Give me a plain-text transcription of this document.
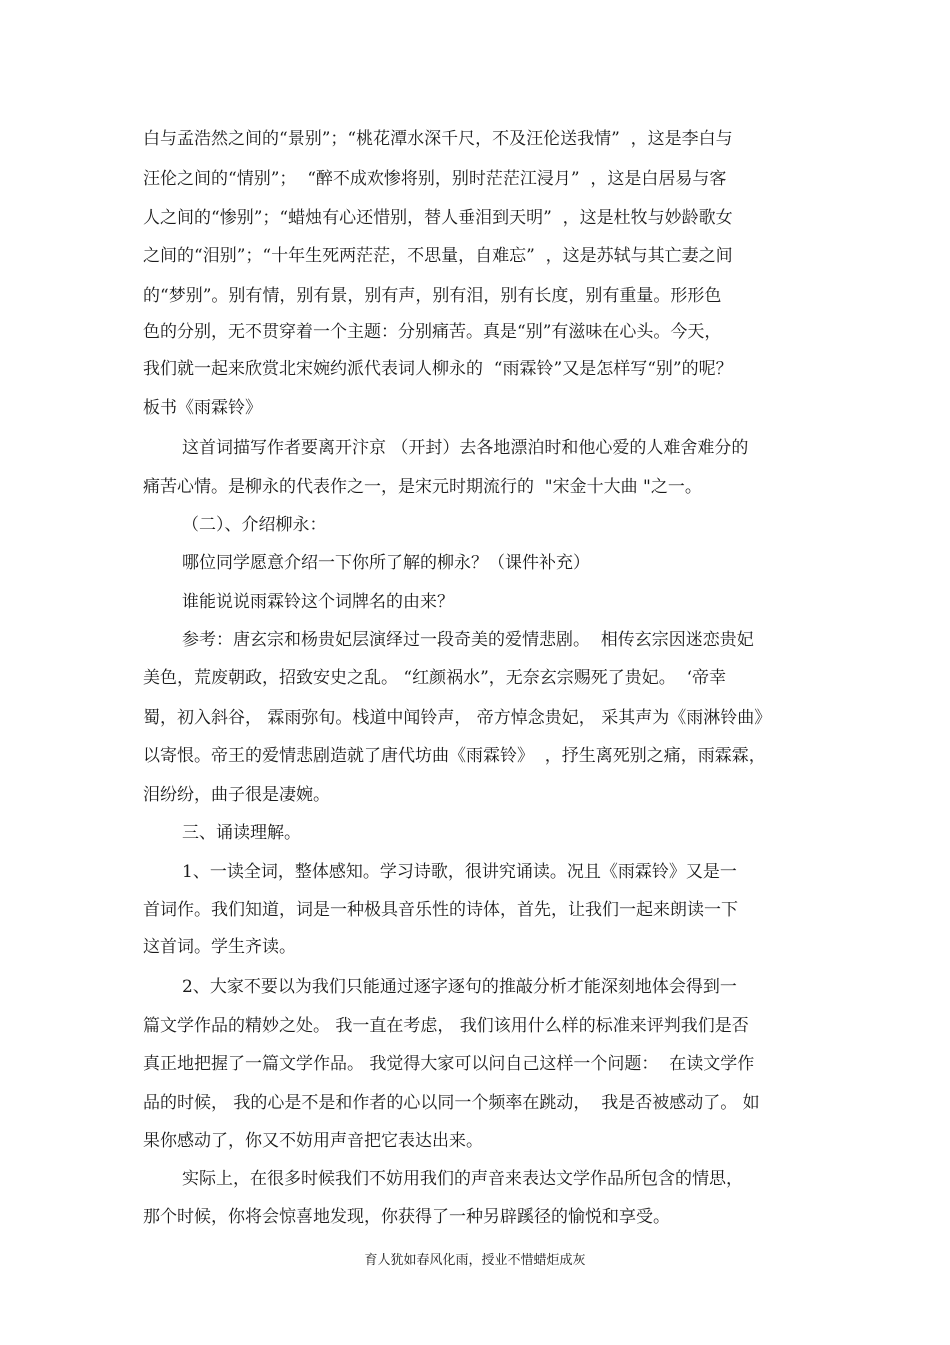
白与孟浩然之间的“景别”；“桃花潭水深千尺，不及汪伦送我情”  ，这是李白与

汪伦之间的“情别”；  “醉不成欢惨将别，别时茫茫江浸月”  ，这是白居易与客

人之间的“惨别”；“蜡烛有心还惜别，替人垂泪到天明”  ，这是杜牧与妙龄歌女

之间的“泪别”；“十年生死两茫茫，不思量，自难忘”  ，这是苏轼与其亡妻之间

的“梦别”。别有情，别有景，别有声，别有泪，别有长度，别有重量。形形色

色的分别，无不贯穿着一个主题：分别痛苦。真是“别”有滋味在心头。今天，

我们就一起来欣赏北宋婉约派代表词人柳永的  “雨霖铃”又是怎样写“别”的呢？

板书《雨霖铃》

这首词描写作者要离开汴京 （开封）去各地漂泊时和他心爱的人难舍难分的

痛苦心情。是柳永的代表作之一，是宋元时期流行的  "宋金十大曲 "之一。

（二）、介绍柳永：

哪位同学愿意介绍一下你所了解的柳永？（课件补充）

谁能说说雨霖铃这个词牌名的由来？

参考：唐玄宗和杨贵妃层演绎过一段奇美的爱情悲剧。  相传玄宗因迷恋贵妃

美色，荒废朝政，招致安史之乱。 “红颜祸水”，无奈玄宗赐死了贵妃。  ‘帝幸

蜀，初入斜谷， 霖雨弥旬。栈道中闻铃声， 帝方悼念贵妃， 采其声为《雨淋铃曲》

以寄恨。帝王的爱情悲剧造就了唐代坊曲《雨霖铃》  ，抒生离死别之痛，雨霖霖，

泪纷纷，曲子很是凄婉。

三、诵读理解。

1、一读全词，整体感知。学习诗歌，很讲究诵读。况且《雨霖铃》又是一

首词作。我们知道，词是一种极具音乐性的诗体，首先，让我们一起来朗读一下

这首词。学生齐读。

2、大家不要以为我们只能通过逐字逐句的推敲分析才能深刻地体会得到一

篇文学作品的精妙之处。 我一直在考虑， 我们该用什么样的标准来评判我们是否

真正地把握了一篇文学作品。 我觉得大家可以问自己这样一个问题：  在读文学作

品的时候， 我的心是不是和作者的心以同一个频率在跳动，  我是否被感动了。 如

果你感动了，你又不妨用声音把它表达出来。

实际上，在很多时候我们不妨用我们的声音来表达文学作品所包含的情思，

那个时候，你将会惊喜地发现，你获得了一种另辟蹊径的愉悦和享受。

育人犹如春风化雨，授业不惜蜡炬成灰
